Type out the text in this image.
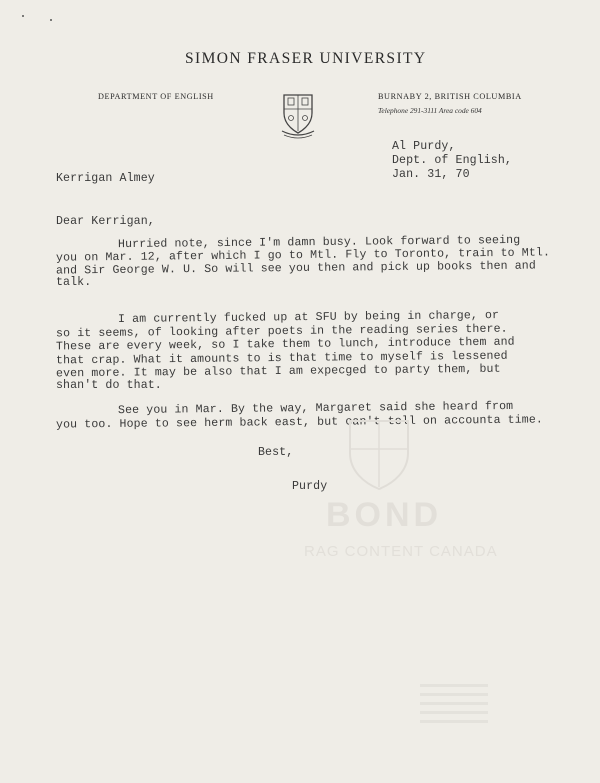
SIMON FRASER UNIVERSITY
DEPARTMENT OF ENGLISH	BURNABY 2, BRITISH COLUMBIA
Telephone 291-3111 Area code 604
Al Purdy,
Dept. of English,
Jan. 31, 70
Kerrigan Almey
Dear Kerrigan,
Hurried note, since I'm damn busy. Look forward to seeing
you on Mar. 12, after which I go to Mtl. Fly to Toronto, train to Mtl.
and Sir George W. U. So will see you then and pick up books then and
talk.
I am currently fucked up at SFU by being in charge, or
so it seems, of looking after poets in the reading series there.
These are every week, so I take them to lunch, introduce them and
that crap. What it amounts to is that time to myself is lessened
even more. It may be also that I am expecged to party them, but
shan't do that.
See you in Mar. By the way, Margaret said she heard from
you too. Hope to see herm back east, but can't tell on accounta time.
Best,
Purdy
BOND
RAG CONTENT CANADA
